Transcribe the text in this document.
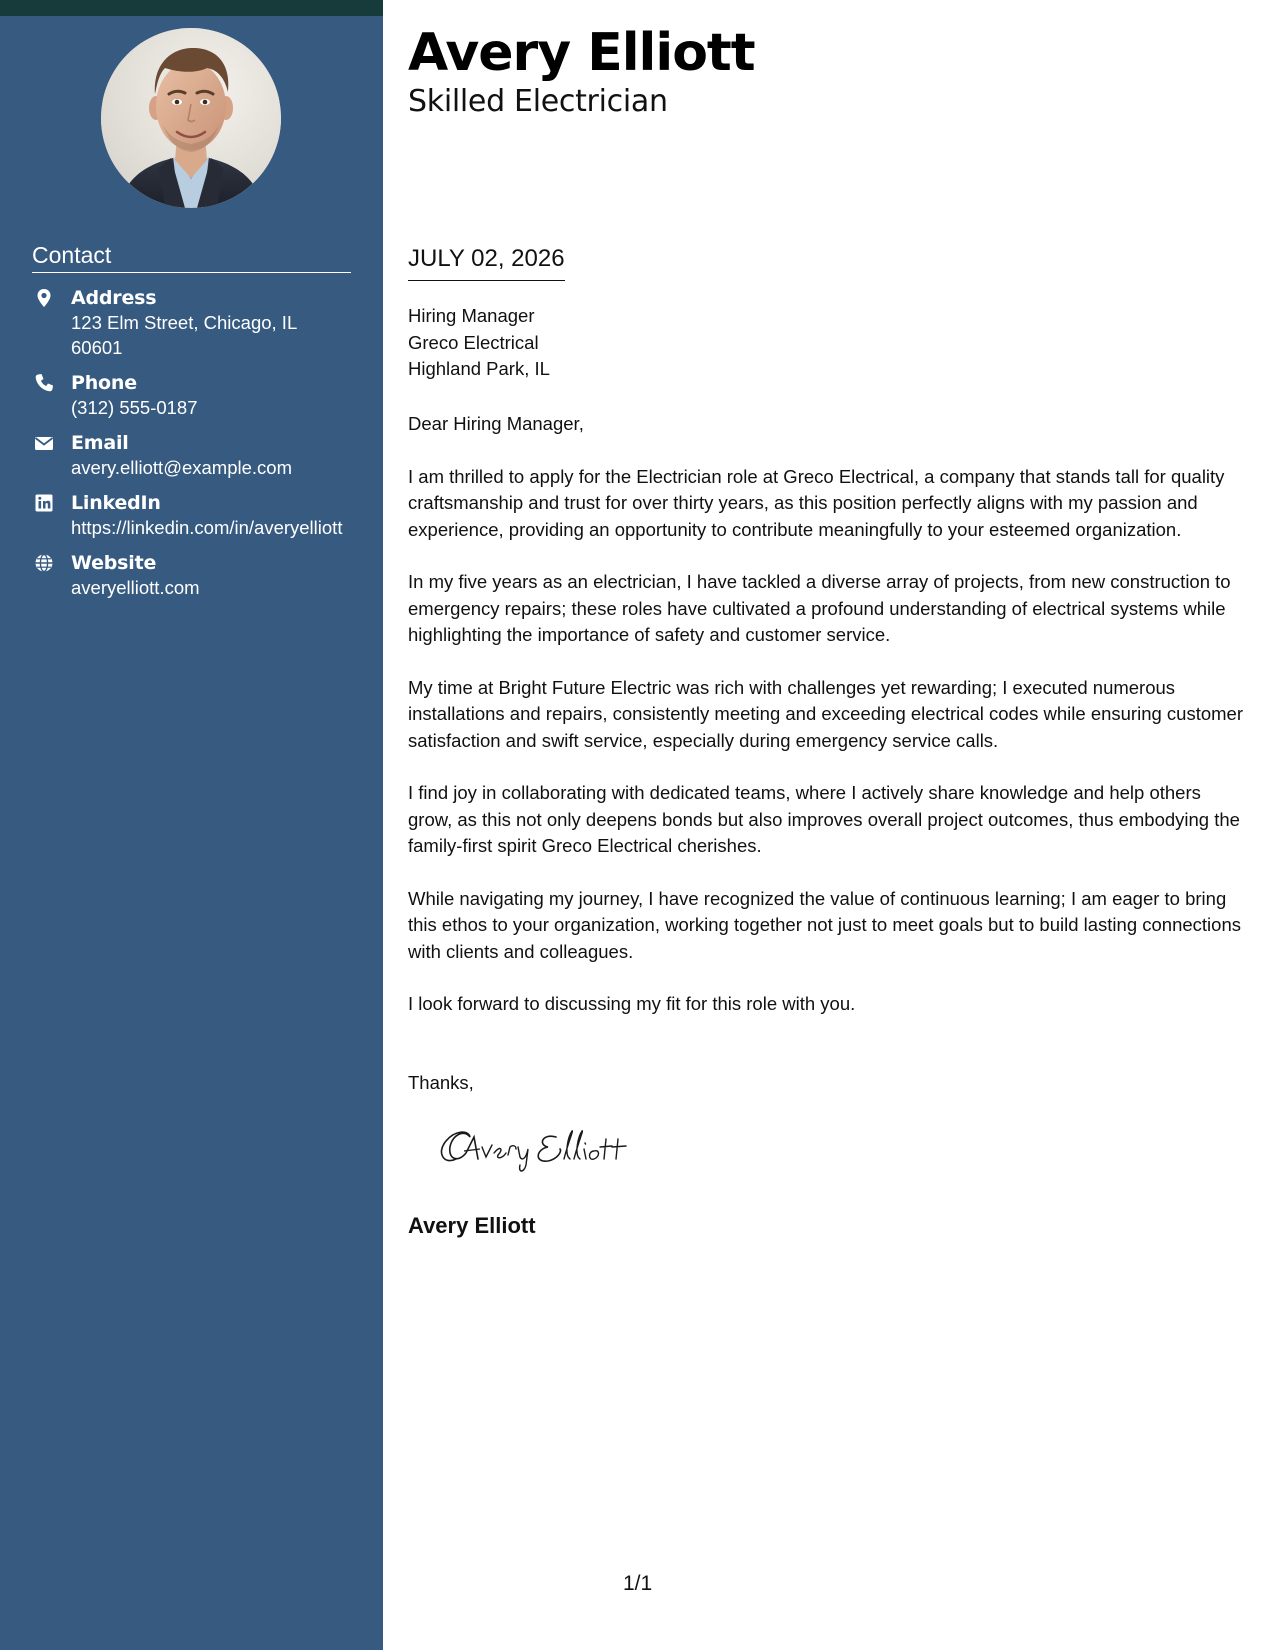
Contact
Address
123 Elm Street, Chicago, IL 60601
Phone
(312) 555-0187
Email
avery.elliott@example.com
LinkedIn
https://linkedin.com/in/averyelliott
Website
averyelliott.com
Avery Elliott
Skilled Electrician
JULY 02, 2026
Hiring Manager
Greco Electrical
Highland Park, IL

Dear Hiring Manager,

I am thrilled to apply for the Electrician role at Greco Electrical, a company that stands tall for quality craftsmanship and trust for over thirty years, as this position perfectly aligns with my passion and experience, providing an opportunity to contribute meaningfully to your esteemed organization.

In my five years as an electrician, I have tackled a diverse array of projects, from new construction to emergency repairs; these roles have cultivated a profound understanding of electrical systems while highlighting the importance of safety and customer service.

My time at Bright Future Electric was rich with challenges yet rewarding; I executed numerous installations and repairs, consistently meeting and exceeding electrical codes while ensuring customer satisfaction and swift service, especially during emergency service calls.

I find joy in collaborating with dedicated teams, where I actively share knowledge and help others grow, as this not only deepens bonds but also improves overall project outcomes, thus embodying the family-first spirit Greco Electrical cherishes.

While navigating my journey, I have recognized the value of continuous learning; I am eager to bring this ethos to your organization, working together not just to meet goals but to build lasting connections with clients and colleagues.

I look forward to discussing my fit for this role with you.

Thanks,
Avery Elliott
1/1
